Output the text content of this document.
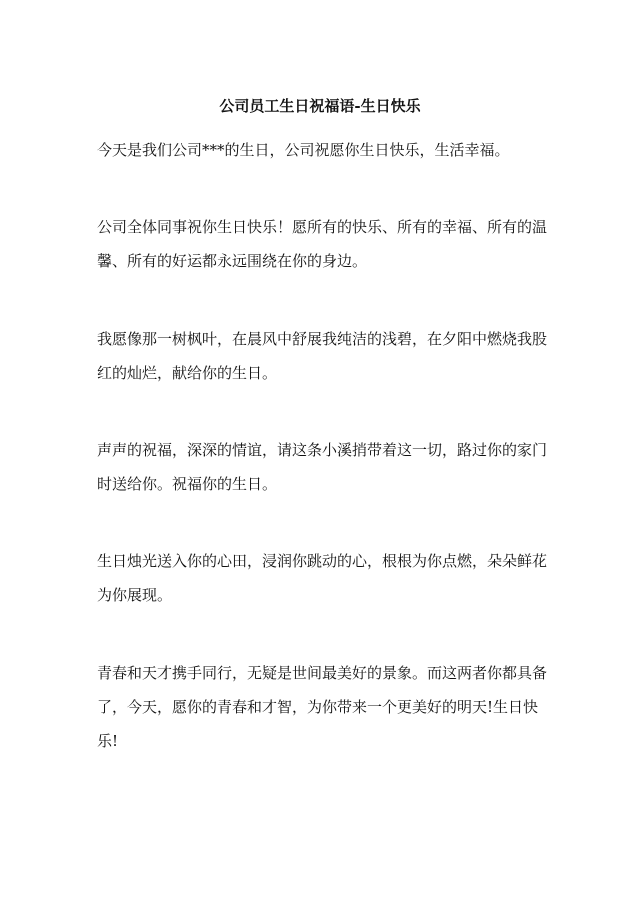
公司员工生日祝福语-生日快乐

今天是我们公司***的生日，公司祝愿你生日快乐，生活幸福。

公司全体同事祝你生日快乐！愿所有的快乐、所有的幸福、所有的温馨、所有的好运都永远围绕在你的身边。

我愿像那一树枫叶，在晨风中舒展我纯洁的浅碧，在夕阳中燃烧我股红的灿烂，献给你的生日。

声声的祝福，深深的情谊，请这条小溪捎带着这一切，路过你的家门时送给你。祝福你的生日。

生日烛光送入你的心田，浸润你跳动的心，根根为你点燃，朵朵鲜花为你展现。

青春和天才携手同行，无疑是世间最美好的景象。而这两者你都具备了，今天，愿你的青春和才智，为你带来一个更美好的明天!生日快乐!
